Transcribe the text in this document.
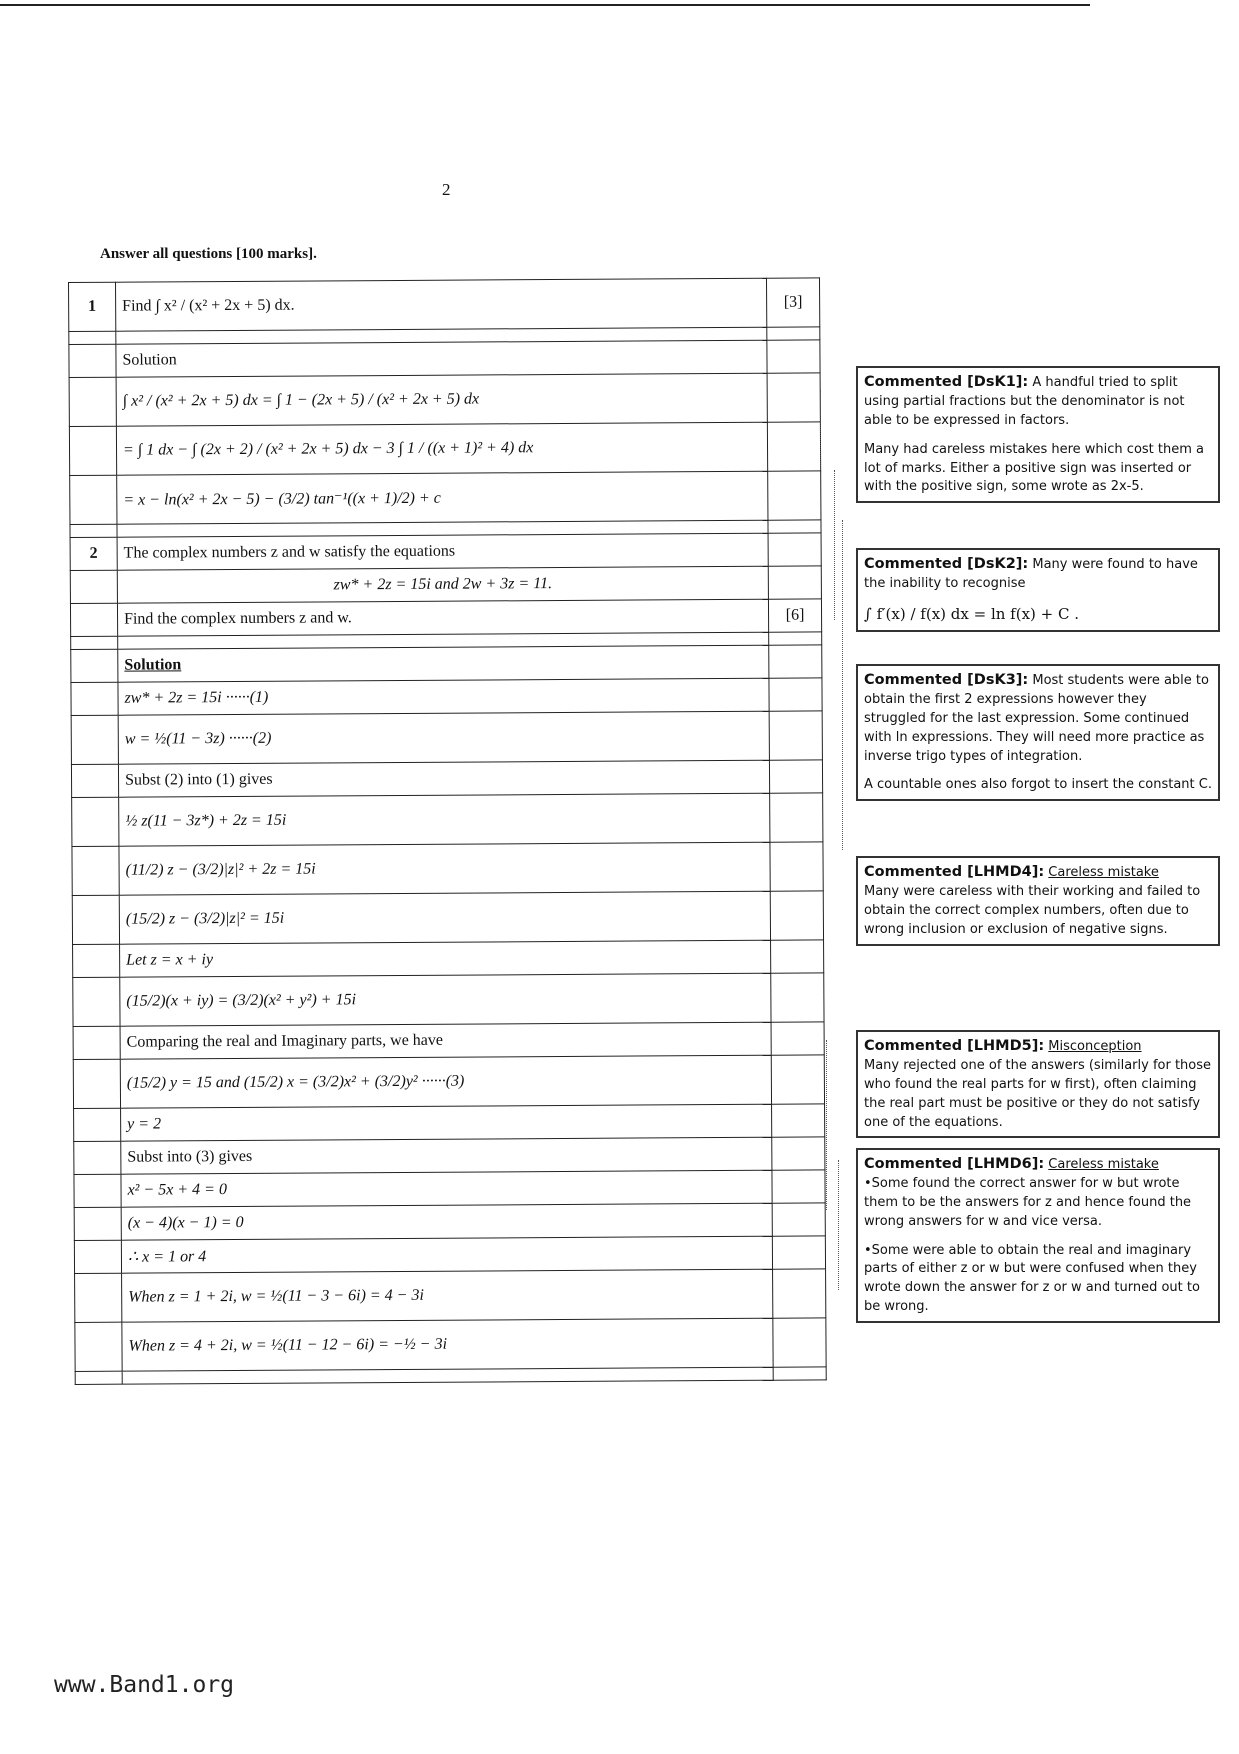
2
Answer all questions [100 marks].
1	Find ∫ x² / (x² + 2x + 5) dx.	[3]

	Solution	
	∫ x² / (x² + 2x + 5) dx = ∫ 1 − (2x + 5) / (x² + 2x + 5) dx	
	= ∫ 1 dx − ∫ (2x + 2) / (x² + 2x + 5) dx − 3 ∫ 1 / ((x + 1)² + 4) dx	
	= x − ln(x² + 2x − 5) − (3/2) tan⁻¹((x + 1)/2) + c	

2	The complex numbers z and w satisfy the equations	
	zw* + 2z = 15i and 2w + 3z = 11.	
	Find the complex numbers z and w.	[6]

	Solution	
	zw* + 2z = 15i ······(1)	
	w = ½(11 − 3z) ······(2)	
	Subst (2) into (1) gives	
	½ z(11 − 3z*) + 2z = 15i	
	(11/2) z − (3/2)|z|² + 2z = 15i	
	(15/2) z − (3/2)|z|² = 15i	
	Let z = x + iy	
	(15/2)(x + iy) = (3/2)(x² + y²) + 15i	
	Comparing the real and Imaginary parts, we have	
	(15/2) y = 15 and (15/2) x = (3/2)x² + (3/2)y² ······(3)	
	y = 2	
	Subst into (3) gives	
	x² − 5x + 4 = 0	
	(x − 4)(x − 1) = 0	
	∴ x = 1 or 4	
	When z = 1 + 2i, w = ½(11 − 3 − 6i) = 4 − 3i	
	When z = 4 + 2i, w = ½(11 − 12 − 6i) = −½ − 3i	

Commented [DsK1]: A handful tried to split using partial fractions but the denominator is not able to be expressed in factors.

Many had careless mistakes here which cost them a lot of marks. Either a positive sign was inserted or with the positive sign, some wrote as 2x-5.

Commented [DsK2]: Many were found to have the inability to recognise

∫ f′(x) / f(x) dx = ln f(x) + C .

Commented [DsK3]: Most students were able to obtain the first 2 expressions however they struggled for the last expression. Some continued with ln expressions. They will need more practice as inverse trigo types of integration.

A countable ones also forgot to insert the constant C.

Commented [LHMD4]: Careless mistake
Many were careless with their working and failed to obtain the correct complex numbers, often due to wrong inclusion or exclusion of negative signs.

Commented [LHMD5]: Misconception
Many rejected one of the answers (similarly for those who found the real parts for w first), often claiming the real part must be positive or they do not satisfy one of the equations.

Commented [LHMD6]: Careless mistake
•Some found the correct answer for w but wrote them to be the answers for z and hence found the wrong answers for w and vice versa.

•Some were able to obtain the real and imaginary parts of either z or w but were confused when they wrote down the answer for z or w and turned out to be wrong.

www.Band1.org
